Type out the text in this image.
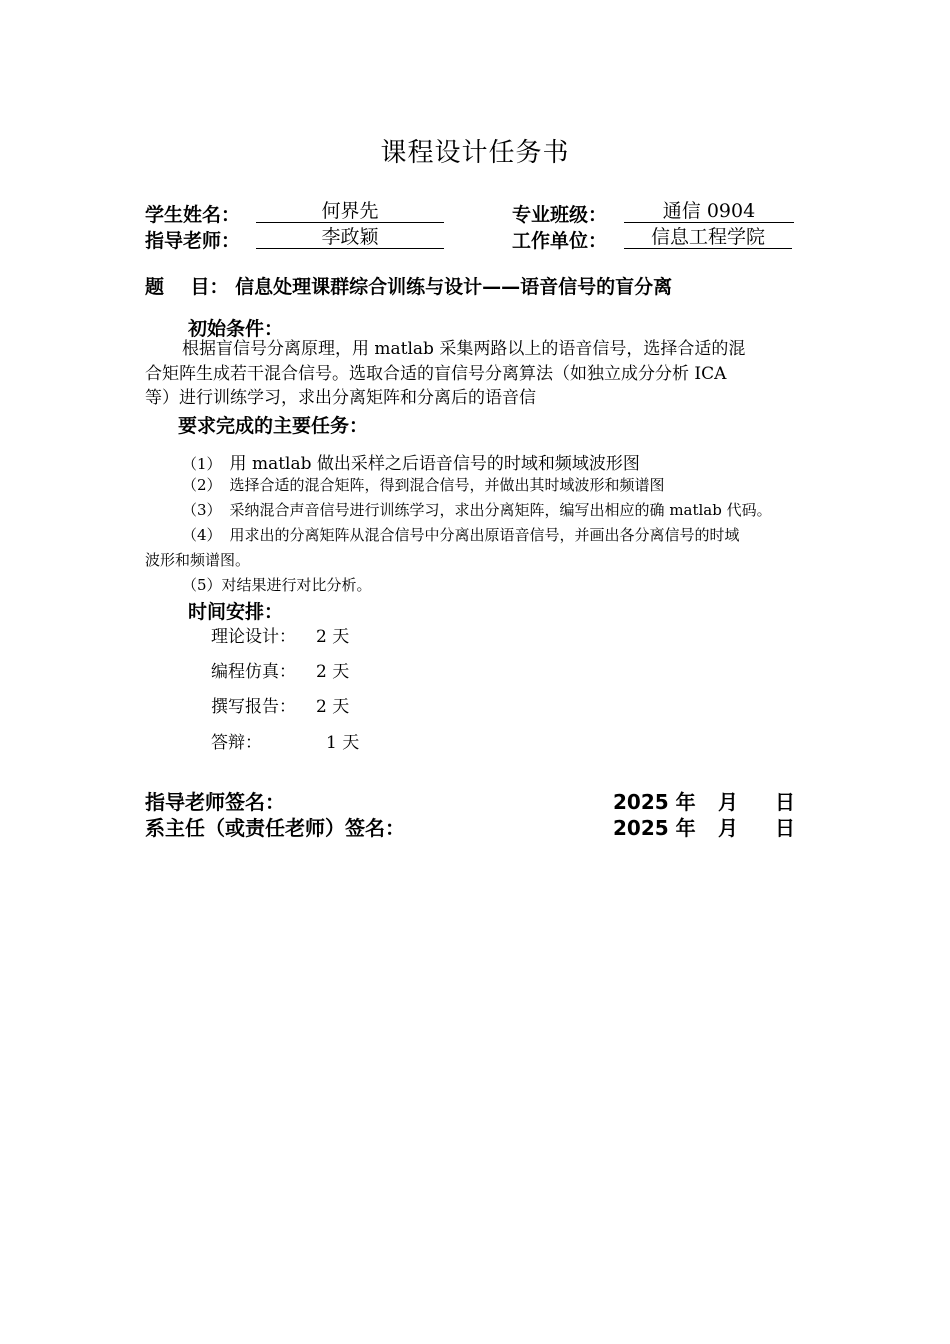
课程设计任务书
学生姓名：	何界先	专业班级：	通信 0904
指导老师：	李政颖	工作单位：	信息工程学院
题    目： 信息处理课群综合训练与设计——语音信号的盲分离
初始条件：
根据盲信号分离原理，用 matlab 采集两路以上的语音信号，选择合适的混
合矩阵生成若干混合信号。选取合适的盲信号分离算法（如独立成分分析 ICA
等）进行训练学习，求出分离矩阵和分离后的语音信
要求完成的主要任务：
（1） 用 matlab 做出采样之后语音信号的时域和频域波形图
（2） 选择合适的混合矩阵，得到混合信号，并做出其时域波形和频谱图
（3） 采纳混合声音信号进行训练学习，求出分离矩阵，编写出相应的确 matlab 代码。
（4） 用求出的分离矩阵从混合信号中分离出原语音信号，并画出各分离信号的时域
波形和频谱图。
（5）对结果进行对比分析。
时间安排：
理论设计： 2 天
编程仿真： 2 天
撰写报告： 2 天
答辩：	1 天
指导老师签名：	2025 年 月 日
系主任（或责任老师）签名：	2025 年 月 日
